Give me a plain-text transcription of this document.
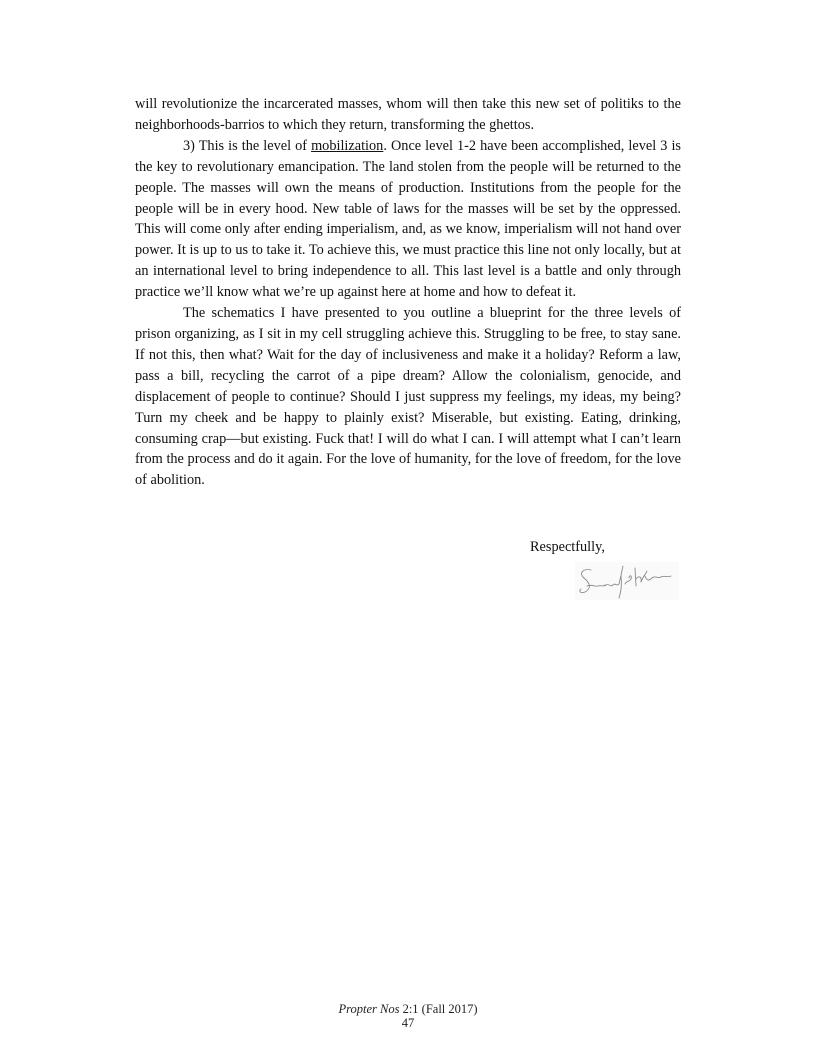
will revolutionize the incarcerated masses, whom will then take this new set of politiks to the neighborhoods-barrios to which they return, transforming the ghettos.

3) This is the level of mobilization. Once level 1-2 have been accomplished, level 3 is the key to revolutionary emancipation. The land stolen from the people will be returned to the people. The masses will own the means of production. Institutions from the people for the people will be in every hood. New table of laws for the masses will be set by the oppressed. This will come only after ending imperialism, and, as we know, imperialism will not hand over power. It is up to us to take it. To achieve this, we must practice this line not only locally, but at an international level to bring independence to all. This last level is a battle and only through practice we’ll know what we’re up against here at home and how to defeat it.

The schematics I have presented to you outline a blueprint for the three levels of prison organizing, as I sit in my cell struggling achieve this. Struggling to be free, to stay sane. If not this, then what? Wait for the day of inclusiveness and make it a holiday? Reform a law, pass a bill, recycling the carrot of a pipe dream? Allow the colonialism, genocide, and displacement of people to continue? Should I just suppress my feelings, my ideas, my being? Turn my cheek and be happy to plainly exist? Miserable, but existing. Eating, drinking, consuming crap—but existing. Fuck that! I will do what I can. I will attempt what I can’t learn from the process and do it again. For the love of humanity, for the love of freedom, for the love of abolition.

Respectfully,
Propter Nos 2:1 (Fall 2017)
47
